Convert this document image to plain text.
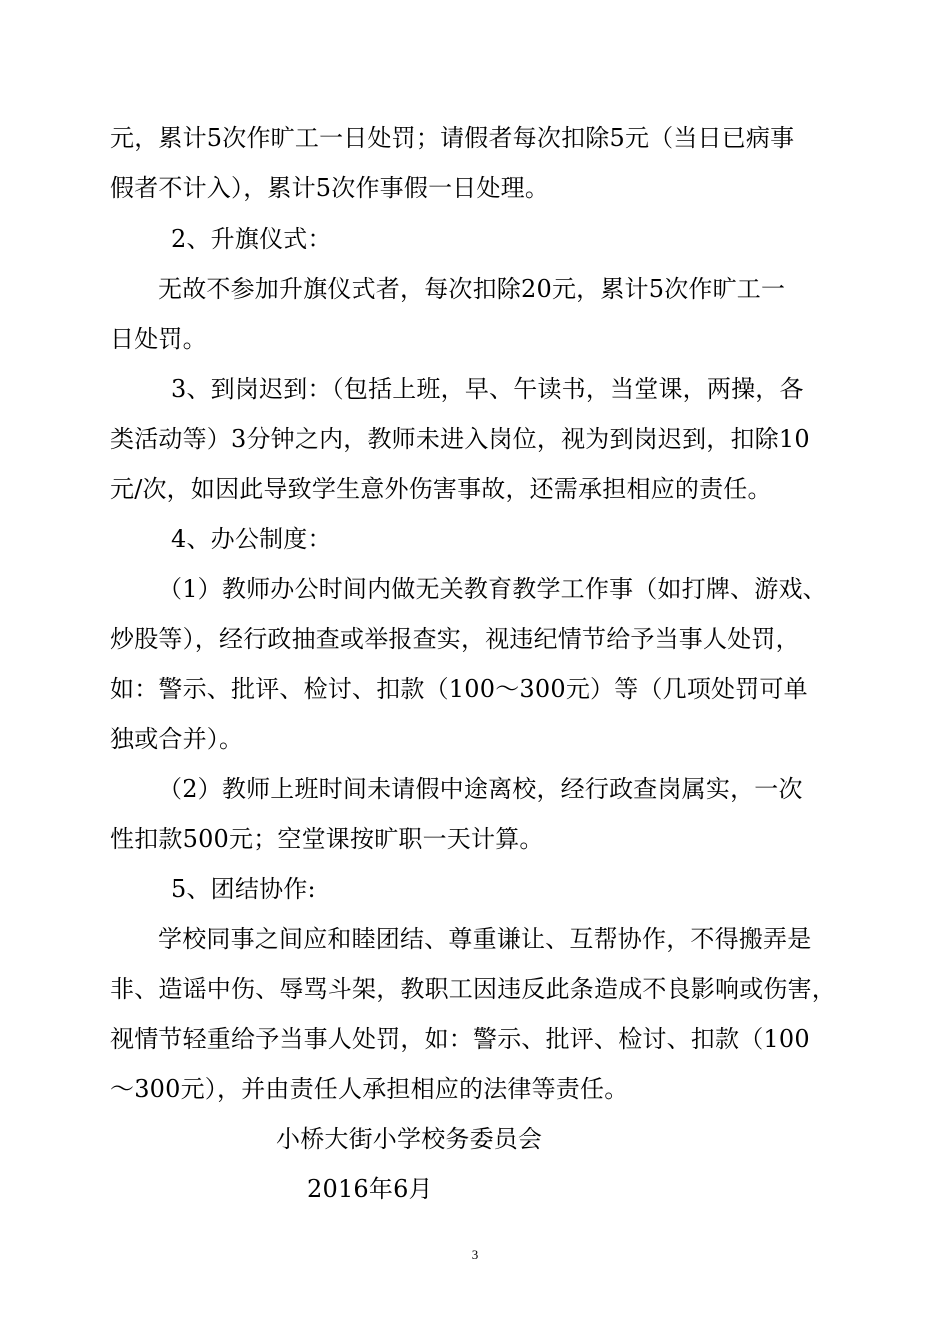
元，累计5次作旷工一日处罚；请假者每次扣除5元（当日已病事
假者不计入），累计5次作事假一日处理。
2、升旗仪式：
无故不参加升旗仪式者，每次扣除20元，累计5次作旷工一
日处罚。
3、到岗迟到：（包括上班，早、午读书，当堂课，两操，各
类活动等）3分钟之内，教师未进入岗位，视为到岗迟到，扣除10
元/次，如因此导致学生意外伤害事故，还需承担相应的责任。
4、办公制度：
（1）教师办公时间内做无关教育教学工作事（如打牌、游戏、
炒股等），经行政抽查或举报查实，视违纪情节给予当事人处罚，
如：警示、批评、检讨、扣款（100～300元）等（几项处罚可单
独或合并）。
（2）教师上班时间未请假中途离校，经行政查岗属实，一次
性扣款500元；空堂课按旷职一天计算。
5、团结协作:
学校同事之间应和睦团结、尊重谦让、互帮协作，不得搬弄是
非、造谣中伤、辱骂斗架，教职工因违反此条造成不良影响或伤害，
视情节轻重给予当事人处罚，如：警示、批评、检讨、扣款（100
～300元），并由责任人承担相应的法律等责任。
小桥大街小学校务委员会
2016年6月
3
